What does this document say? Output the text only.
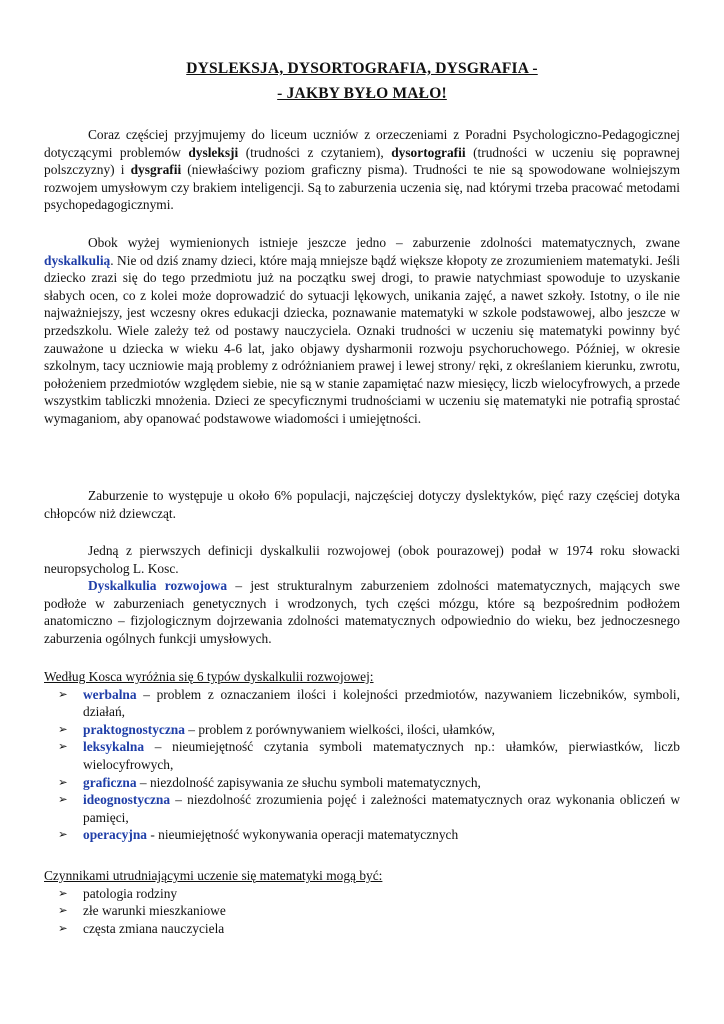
DYSLEKSJA, DYSORTOGRAFIA, DYSGRAFIA -
- JAKBY BYŁO MAŁO!

Coraz częściej przyjmujemy do liceum uczniów z orzeczeniami z Poradni Psychologiczno-Pedagogicznej dotyczącymi problemów dysleksji (trudności z czytaniem), dysortografii (trudności w uczeniu się poprawnej polszczyzny) i dysgrafii (niewłaściwy poziom graficzny pisma). Trudności te nie są spowodowane wolniejszym rozwojem umysłowym czy brakiem inteligencji. Są to zaburzenia uczenia się, nad którymi trzeba pracować metodami psychopedagogicznymi.

Obok wyżej wymienionych istnieje jeszcze jedno – zaburzenie zdolności matematycznych, zwane dyskalkulią. Nie od dziś znamy dzieci, które mają mniejsze bądź większe kłopoty ze zrozumieniem matematyki. Jeśli dziecko zrazi się do tego przedmiotu już na początku swej drogi, to prawie natychmiast spowoduje to uzyskanie słabych ocen, co z kolei może doprowadzić do sytuacji lękowych, unikania zajęć, a nawet szkoły. Istotny, o ile nie najważniejszy, jest wczesny okres edukacji dziecka, poznawanie matematyki w szkole podstawowej, albo jeszcze w przedszkolu. Wiele zależy też od postawy nauczyciela. Oznaki trudności w uczeniu się matematyki powinny być zauważone u dziecka w wieku 4-6 lat, jako objawy dysharmonii rozwoju psychoruchowego. Później, w okresie szkolnym, tacy uczniowie mają problemy z odróżnianiem prawej i lewej strony/ ręki, z określaniem kierunku, zwrotu, położeniem przedmiotów względem siebie, nie są w stanie zapamiętać nazw miesięcy, liczb wielocyfrowych, a przede wszystkim tabliczki mnożenia. Dzieci ze specyficznymi trudnościami w uczeniu się matematyki nie potrafią sprostać wymaganiom, aby opanować podstawowe wiadomości i umiejętności.

Zaburzenie to występuje u około 6% populacji, najczęściej dotyczy dyslektyków, pięć razy częściej dotyka chłopców niż dziewcząt.

Jedną z pierwszych definicji dyskalkulii rozwojowej (obok pourazowej) podał w 1974 roku słowacki neuropsycholog L. Kosc.

Dyskalkulia rozwojowa – jest strukturalnym zaburzeniem zdolności matematycznych, mających swe podłoże w zaburzeniach genetycznych i wrodzonych, tych części mózgu, które są bezpośrednim podłożem anatomiczno – fizjologicznym dojrzewania zdolności matematycznych odpowiednio do wieku, bez jednoczesnego zaburzenia ogólnych funkcji umysłowych.

Według Kosca wyróżnia się 6 typów dyskalkulii rozwojowej:
➢ werbalna – problem z oznaczaniem ilości i kolejności przedmiotów, nazywaniem liczebników, symboli, działań,
➢ praktognostyczna – problem z porównywaniem wielkości, ilości, ułamków,
➢ leksykalna – nieumiejętność czytania symboli matematycznych np.: ułamków, pierwiastków, liczb wielocyfrowych,
➢ graficzna – niezdolność zapisywania ze słuchu symboli matematycznych,
➢ ideognostyczna – niezdolność zrozumienia pojęć i zależności matematycznych oraz wykonania obliczeń w pamięci,
➢ operacyjna - nieumiejętność wykonywania operacji matematycznych
Czynnikami utrudniającymi uczenie się matematyki mogą być:
➢ patologia rodziny
➢ złe warunki mieszkaniowe
➢ częsta zmiana nauczyciela
